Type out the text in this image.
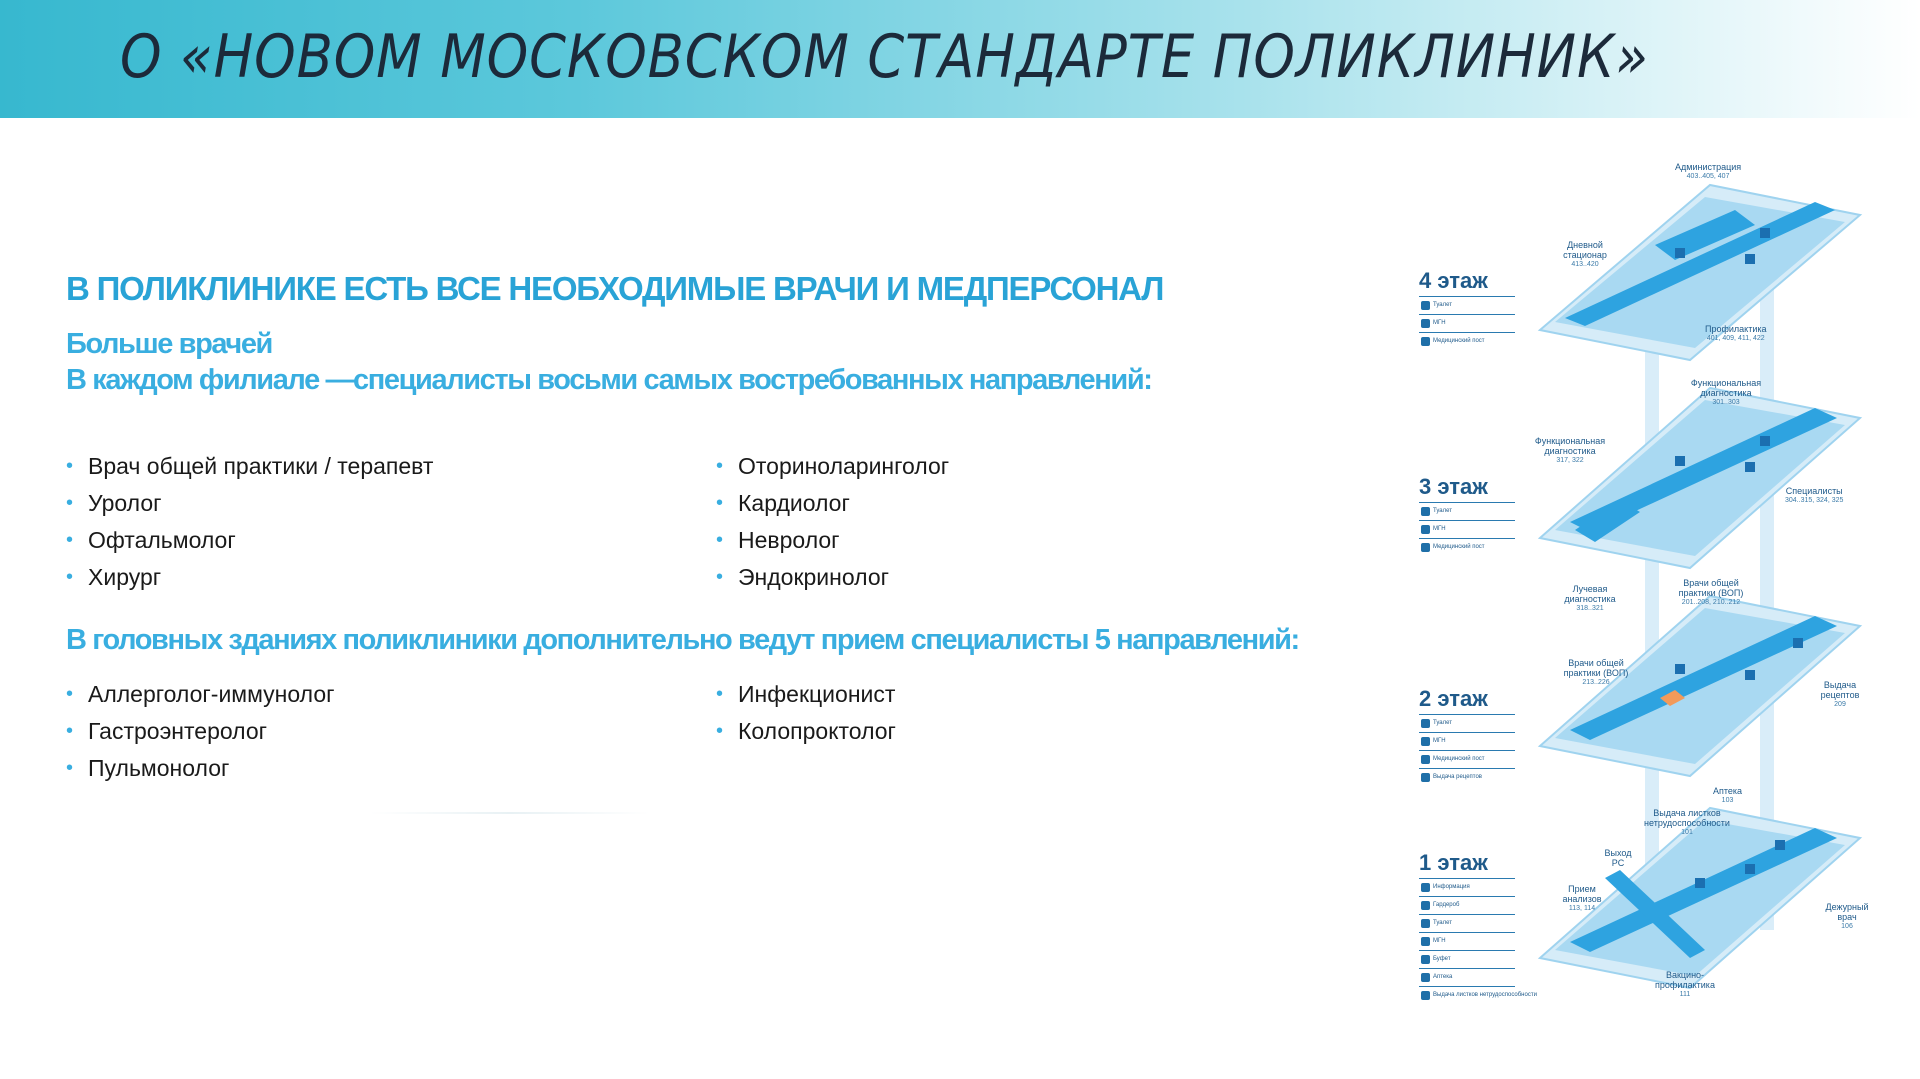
О «НОВОМ МОСКОВСКОМ СТАНДАРТЕ ПОЛИКЛИНИК»
В ПОЛИКЛИНИКЕ ЕСТЬ ВСЕ НЕОБХОДИМЫЕ ВРАЧИ И МЕДПЕРСОНАЛ
Больше врачей
В каждом филиале —специалисты восьми самых востребованных направлений:
• Врач общей практики / терапевт
• Уролог
• Офтальмолог
• Хирург
• Оториноларинголог
• Кардиолог
• Невролог
• Эндокринолог
В головных зданиях поликлиники дополнительно ведут прием специалисты 5 направлений:
• Аллерголог-иммунолог
• Гастроэнтеролог
• Пульмонолог
• Инфекционист
• Колопроктолог
4 этаж
Туалет
МГН
Медицинский пост
3 этаж
Туалет
МГН
Медицинский пост
2 этаж
Туалет
МГН
Медицинский пост
Выдача рецептов
1 этаж
Информация
Гардероб
Туалет
МГН
Буфет
Аптека
Выдача листков нетрудоспособности
Администрация
403..405, 407
Дневной стационар
413..420
Профилактика
401, 409, 411, 422
Функциональная диагностика
301..303
Функциональная диагностика
317, 322
Специалисты
304..315, 324, 325
Лучевая диагностика
318..321
Врачи общей практики (ВОП)
201..208, 210..212
Врачи общей практики (ВОП)
213..226	Выдача рецептов
209
Аптека
103
Выдача листков нетрудоспособности
101
Выход РС
Прием анализов
113, 114	Дежурный врач
106
Вакцино-профилактика
111
